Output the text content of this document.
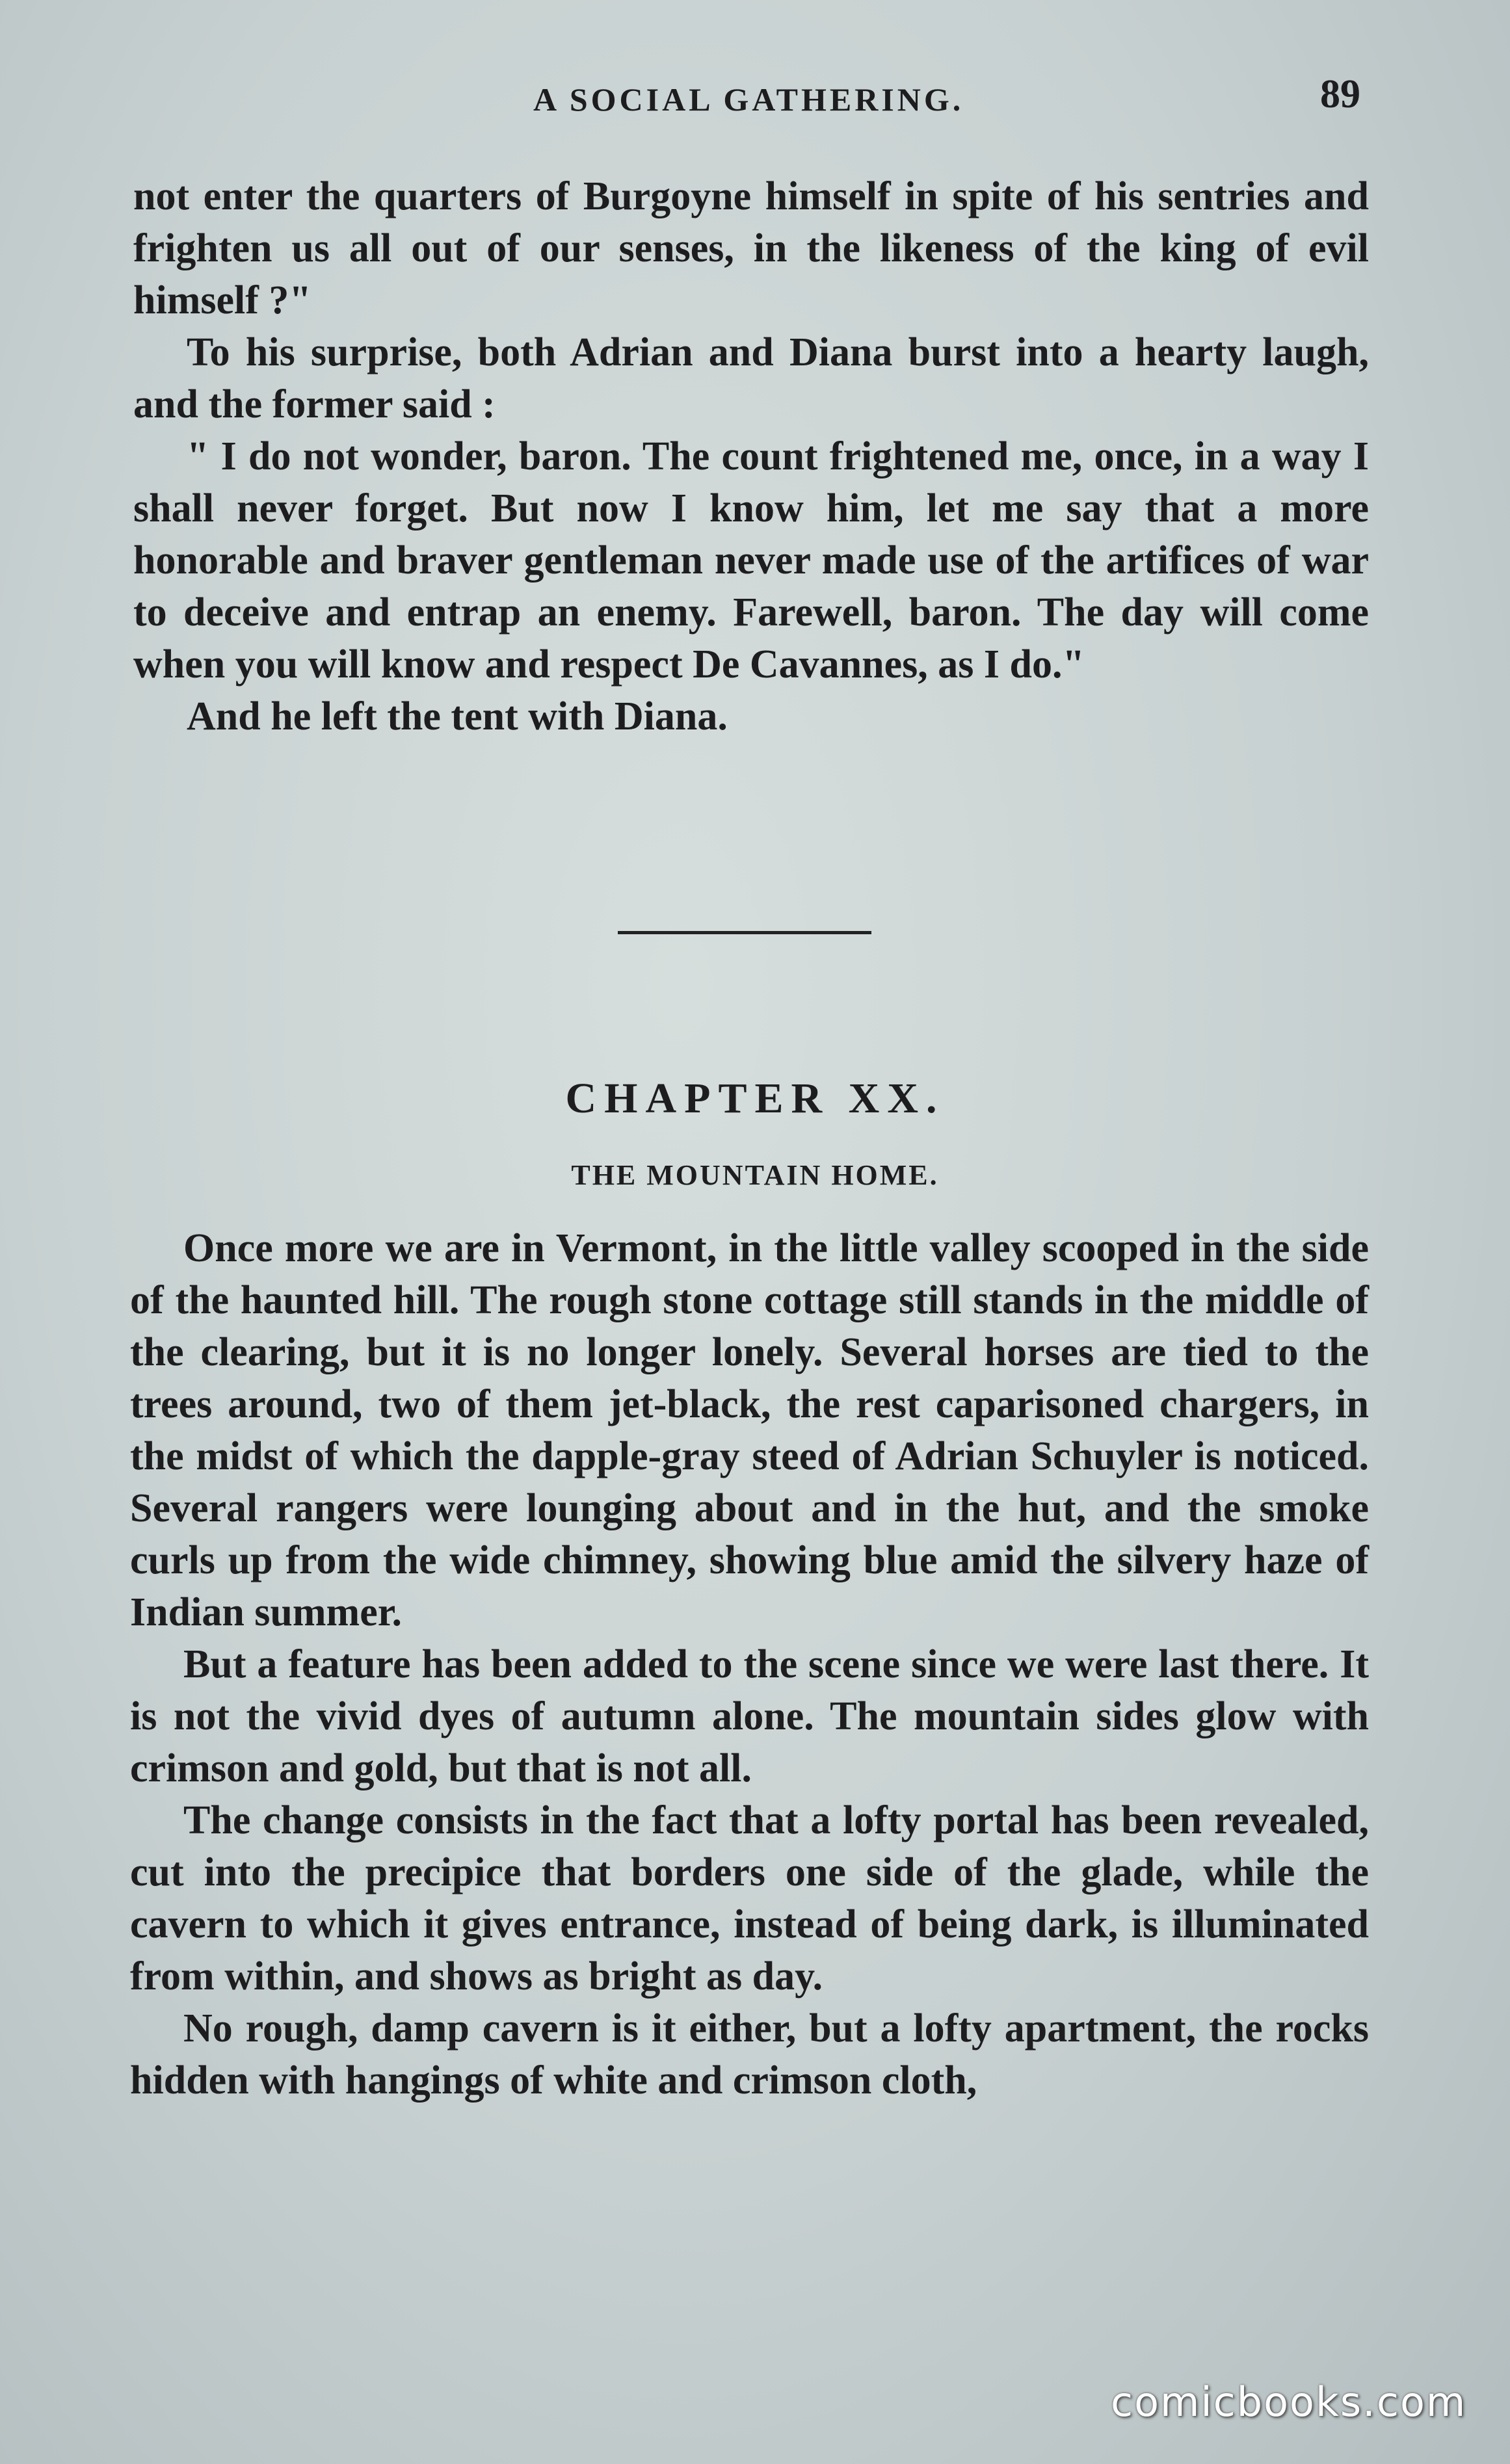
A SOCIAL GATHERING.	89

not enter the quarters of Burgoyne himself in spite of his sentries and frighten us all out of our senses, in the likeness of the king of evil himself ?"

To his surprise, both Adrian and Diana burst into a hearty laugh, and the former said :

" I do not wonder, baron. The count frightened me, once, in a way I shall never forget. But now I know him, let me say that a more honorable and braver gentleman never made use of the artifices of war to deceive and entrap an enemy. Farewell, baron. The day will come when you will know and respect De Cavannes, as I do."

And he left the tent with Diana.

CHAPTER XX.
THE MOUNTAIN HOME.

Once more we are in Vermont, in the little valley scooped in the side of the haunted hill. The rough stone cottage still stands in the middle of the clearing, but it is no longer lonely. Several horses are tied to the trees around, two of them jet-black, the rest caparisoned chargers, in the midst of which the dapple-gray steed of Adrian Schuyler is noticed. Several rangers were lounging about and in the hut, and the smoke curls up from the wide chimney, showing blue amid the silvery haze of Indian summer.

But a feature has been added to the scene since we were last there. It is not the vivid dyes of autumn alone. The mountain sides glow with crimson and gold, but that is not all.

The change consists in the fact that a lofty portal has been revealed, cut into the precipice that borders one side of the glade, while the cavern to which it gives entrance, instead of being dark, is illuminated from within, and shows as bright as day.

No rough, damp cavern is it either, but a lofty apartment, the rocks hidden with hangings of white and crimson cloth,

comicbooks.com
